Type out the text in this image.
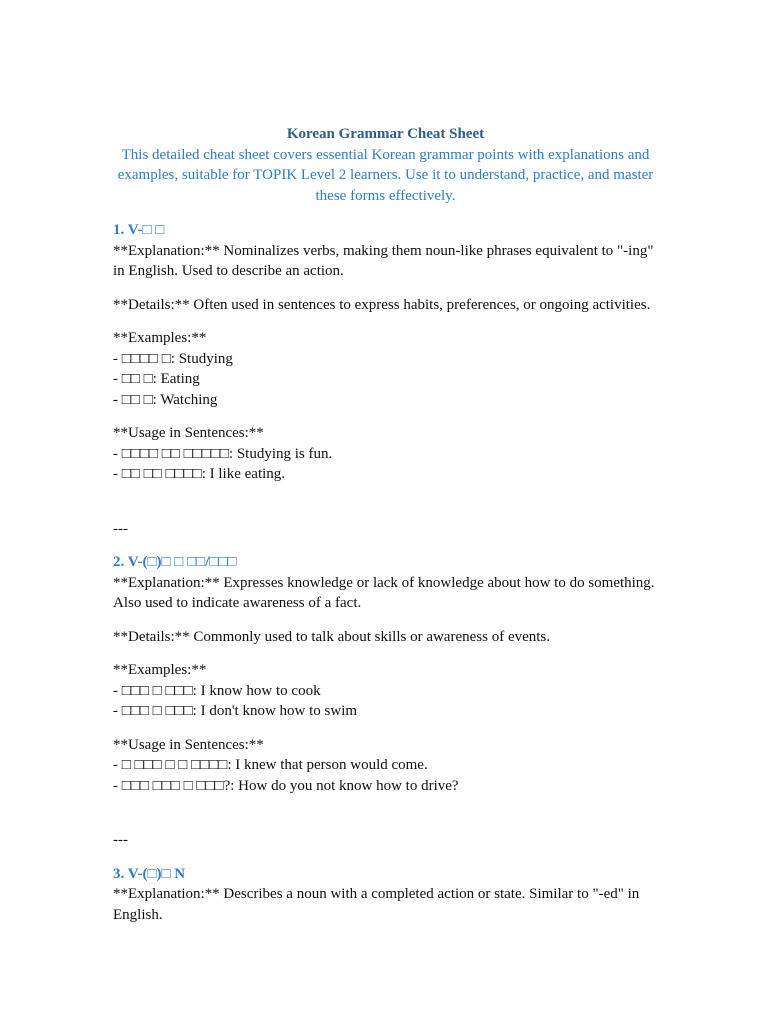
Korean Grammar Cheat Sheet

This detailed cheat sheet covers essential Korean grammar points with explanations and examples, suitable for TOPIK Level 2 learners. Use it to understand, practice, and master these forms effectively.

1. V-□ □

**Explanation:** Nominalizes verbs, making them noun-like phrases equivalent to "-ing" in English. Used to describe an action.

**Details:** Often used in sentences to express habits, preferences, or ongoing activities.

**Examples:**

- □□□□ □: Studying

- □□ □: Eating

- □□ □: Watching

**Usage in Sentences:**

- □□□□ □□ □□□□□: Studying is fun.

- □□ □□ □□□□: I like eating.

---

2. V-(□)□ □ □□/□□□

**Explanation:** Expresses knowledge or lack of knowledge about how to do something. Also used to indicate awareness of a fact.

**Details:** Commonly used to talk about skills or awareness of events.

**Examples:**

- □□□ □ □□□: I know how to cook

- □□□ □ □□□: I don't know how to swim

**Usage in Sentences:**

- □ □□□ □ □ □□□□: I knew that person would come.

- □□□ □□□ □ □□□?: How do you not know how to drive?

---

3. V-(□)□ N

**Explanation:** Describes a noun with a completed action or state. Similar to "-ed" in English.
